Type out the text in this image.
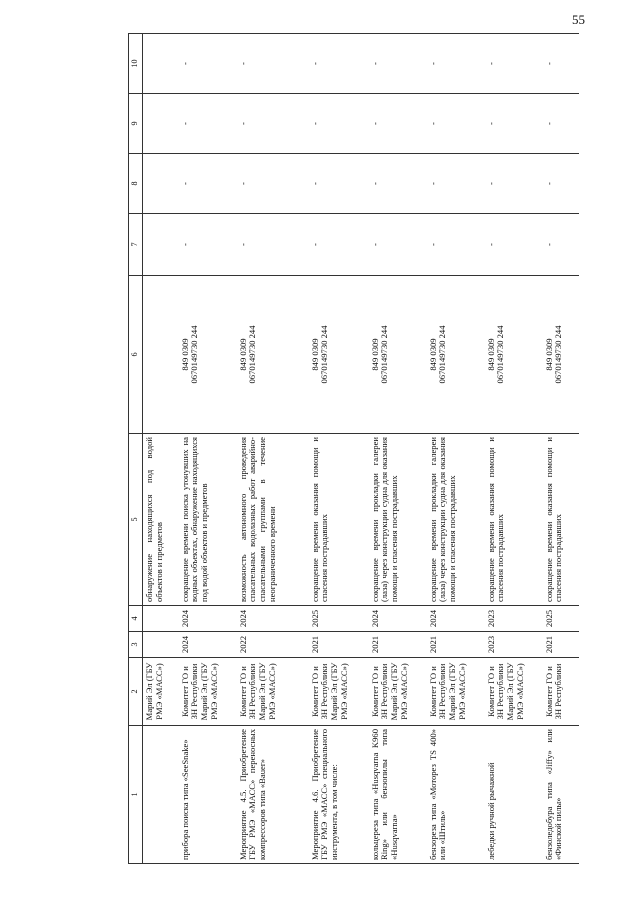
55
1	2	3	4	5	6	7	8	9	10
	Марий Эл (ГБУ РМЭ «МАСС»)			обнаружение находящихся под водой объектов и предметов					
прибора поиска типа «SeeSnake»	Комитет ГО и ЗН Республики Марий Эл (ГБУ РМЭ «МАСС»)	2024	2024	сокращение времени поиска утонувших на водных объектах, обнаружение находящихся под водой объектов и предметов	849 0309 0670149730 244	-	-	-	-
Мероприятие 4.5. Приобретение ГБУ РМЭ «МАСС» переносных компрессоров типа «Bauer»	Комитет ГО и ЗН Республики Марий Эл (ГБУ РМЭ «МАСС»)	2022	2024	возможность автономного проведения спасательных водолазных работ аварийно-спасательными группами в течение неограниченного времени	849 0309 0670149730 244	-	-	-	-
Мероприятие 4.6. Приобретение ГБУ РМЭ «МАСС» специального инструмента, в том числе:	Комитет ГО и ЗН Республики Марий Эл (ГБУ РМЭ «МАСС»)	2021	2025	сокращение времени оказания помощи и спасения пострадавших	849 0309 0670149730 244	-	-	-	-
кольцереза типа «Husqvarna K960 Ring» или бензопилы типа «Husqvarna»	Комитет ГО и ЗН Республики Марий Эл (ГБУ РМЭ «МАСС»)	2021	2024	сокращение времени прокладки галереи (лаза) через конструкции судна для оказания помощи и спасения пострадавших	849 0309 0670149730 244	-	-	-	-
бензореза типа «Моторез TS 400» или «Штиль»	Комитет ГО и ЗН Республики Марий Эл (ГБУ РМЭ «МАСС»)	2021	2024	сокращение времени прокладки галереи (лаза) через конструкции судна для оказания помощи и спасения пострадавших	849 0309 0670149730 244	-	-	-	-
лебедки ручной рычажной	Комитет ГО и ЗН Республики Марий Эл (ГБУ РМЭ «МАСС»)	2023	2023	сокращение времени оказания помощи и спасения пострадавших	849 0309 0670149730 244	-	-	-	-
бензоледобура типа «Jiffy» или «Финской пилы»	Комитет ГО и ЗН Республики	2021	2025	сокращение времени оказания помощи и спасения пострадавших	849 0309 0670149730 244	-	-	-	-
